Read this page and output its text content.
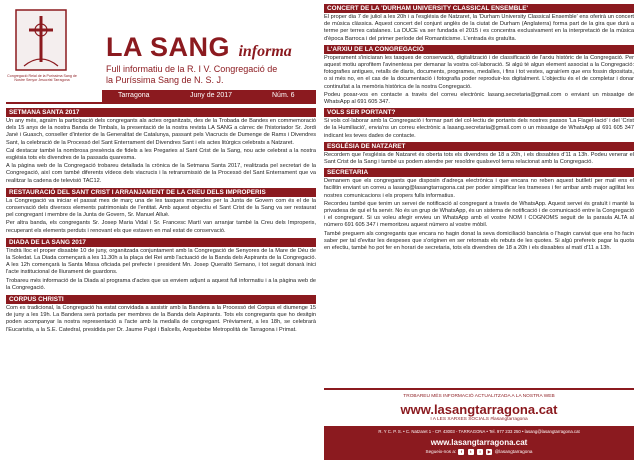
Congregació Reial de la Puríssima Sang de Nostre Senyor Jesucrist Tarragona
LA SANG informa
Full informatiu de la R. I V. Congregació de
la Puríssima Sang de N. S. J.
Tarragona	Juny de 2017	Núm. 6
SETMANA SANTA 2017

Un any més, agraïm la participació dels congregants als actes organitzats, des de la Trobada de Bandes en commemoració dels 15 anys de la nostra Banda de Timbals, la presentació de la nostra revista LA SANG a càrrec de l'historiador Sr. Jordi Jané i Guasch, conseller d'interior de la Generalitat de Catalunya, passant pels Viacrucis de Dumenge de Rams i Divendres Sant, la celebració de la Processó del Sant Enterrament del Divendres Sant i els actes litúrgics celebrats a Natzaret.

Cal destacar també la nombrosa presència de fidels a les Pregaries al Sant Crist de la Sang, nou acte celebrat a la nostra església tots els divendres de la passada quaresma.

A la pàgina web de la Congregació trobareu detallada la crònica de la Setmana Santa 2017, realitzada pel secretari de la Congregació, així com també diferents vídeos dels viacrucis i la retransmissió de la Processó del Sant Enterrament que va realitzar la cadena de televisió TAC12.

RESTAURACIÓ DEL SANT CRIST I ARRANJAMENT DE LA CREU DELS IMPROPERIS

La Congregació va iniciar el passat mes de març una de les tasques marcades per la Junta de Govern com és el de la conservació dels diversos elements patrimonials de l'entitat. Amb aquest objectiu el Sant Crist de la Sang va ser restaurat pel congregant i membre de la Junta de Govern, Sr. Manuel Alluè.

Per altra banda, els congregants Sr. Josep Maria Vidal i Sr. Francesc Martí van arranjar també la Creu dels Improperis, recuperant els elements perduts i renovant els que estaven en mal estat de conservació.

DIADA DE LA SANG 2017

Tindrà lloc el proper dissabte 10 de juny, organitzada conjuntament amb la Congregació de Senyores de la Mare de Déu de la Soledat. La Diada començarà a les 11.30h a la plaça del Rei amb l'actuació de la Banda dels Aspirants de la Congregació. A les 12h començarà la Santa Missa oficiada pel prefecte i president Mn. Josep Queraltó Semano, i tot seguit donarà inici l'acte institucional de lliurament de guardons.

Trobareu més informació de la Diada al programa d'actes que us enviem adjunt a aquest full informatiu i a la pàgina web de la Congregació.

CORPUS CHRISTI

Com es tradicional, la Congregació ha estat convidada a assistir amb la Bandera a la Processó del Corpus el diumenge 15 de juny a les 19h. La Bandera serà portada per membres de la Banda dels Aspirants. Tots els congregants que ho desitgin poden acompanyar la nostra representació a l'acte amb la medalla de congregant. Prèviament, a les 18h, se celebrarà l'Eucaristia, a la S.E. Catedral, presidida per Dr. Jaume Pujol i Balcells, Arquebisbe Metropolità de Tarragona i Primat.

CONCERT DE LA 'DURHAM UNIVERSITY CLASSICAL ENSEMBLE'

El proper dia 7 de juliol a les 20h i a l'església de Natzaret, la 'Durham University Classical Ensemble' ens oferirà un concert de música clàssica. Aquest concert del conjunt anglès de la ciutat de Durham (Anglaterra) forma part de la gira que durà a terme per terres catalanes. La DUCE va ser fundada el 2015 i es concentra exclusivament en la interpretació de la música d'època Barroca i del primer període del Romanticisme. L'entrada és gratuïta.

L'ARXIU DE LA CONGREGACIÓ

Properament s'iniciaran les tasques de conservació, digitalització i de classificació de l'arxiu històric de la Congregació. Per aquest motiu aprofitem l'avinentesa per demanar la vostra col·laboració. Si algú té algun element associat a la Congregació: fotografies antigues, retalls de diaris, documents, programes, medalles, i fins i tot vestes, agrairíem que ens fossin dipositats, o si més no, en el cas de la documentació i fotografia poder reproduir-los digitalment. L'objectiu és el de completar i donar continuïtat a la memòria històrica de la nostra Congregació.

Podeu posar-vos en contacte a través del correu electrònic lasang.secretaria@gmail.com o enviant un missatge de WhatsApp al 691 605 347.

VOLS SER PORTANT?

Si vols col·laborar amb la Congregació i formar part del col·lectiu de portants dels nostres passos 'La Flagel·lació' i del 'Crist de la Humiliació', envia'ns un correu electrònic a lasang.secretaria@gmail.com o un missatge de WhatsApp al 691 605 347 indicant les teves dades de contacte.

ESGLÉSIA DE NATZARET

Recordem que l'església de Natzaret és oberta tots els divendres de 18 a 20h, i els dissabtes d'11 a 13h. Podeu venerar el Sant Crist de la Sang i també us podem atendre per resoldre qualsevol tema relacionat amb la Congregació.

SECRETARIA

Demanem que els congregants que disposin d'adreça electrònica i que encara no reben aquest butlletí per mail ens el facilitin enviant un correu a lasang@lasangtarragona.cat per poder simplificar les trameses i fer arribar amb major agilitat les nostres comunicacions i els propers fulls informatius.

Recordeu també que tenim un servei de notificació al congregant a través de WhatsApp. Aquest servei és gratuït i manté la privadesa de qui el fa servir. No és un grup de WhatsApp, és un sistema de notificació i de comunicació entre la Congregació i el congregant. Si us voleu afegir envieu un WhatsApp amb el vostre NOM I COGNOMS seguit de la paraula ALTA al número 691 605 347 i memoritzeu aquest número al vostre mòbil.

També preguem als congregants que encara no hagin donat la seva domiciliació bancària o l'hagin canviat que ens ho facin saber per tal d'evitar les despeses que s'originen en ser retornats els rebuts de les quotes. Si algú prefereix pagar la quota en efectiu, també ho pot fer en horari de secretaria, tots els divendres de 18 a 20h i els dissabtes al matí d'11 a 13h.

TROBAREU MÉS INFORMACIÓ ACTUALITZADA A LA NOSTRA WEB
www.lasangtarragona.cat
I A LES XARXES SOCIALS #lasangtarragona
R. Y C. P. S. • C. Natzaret 1 - CP. 43003 - TARRAGONA • Tel. 977 233 250 • lasang@lasangtarragona.cat
www.lasangtarragona.cat
Segueix-nos a: f t i ▶ @lasangtarragona
